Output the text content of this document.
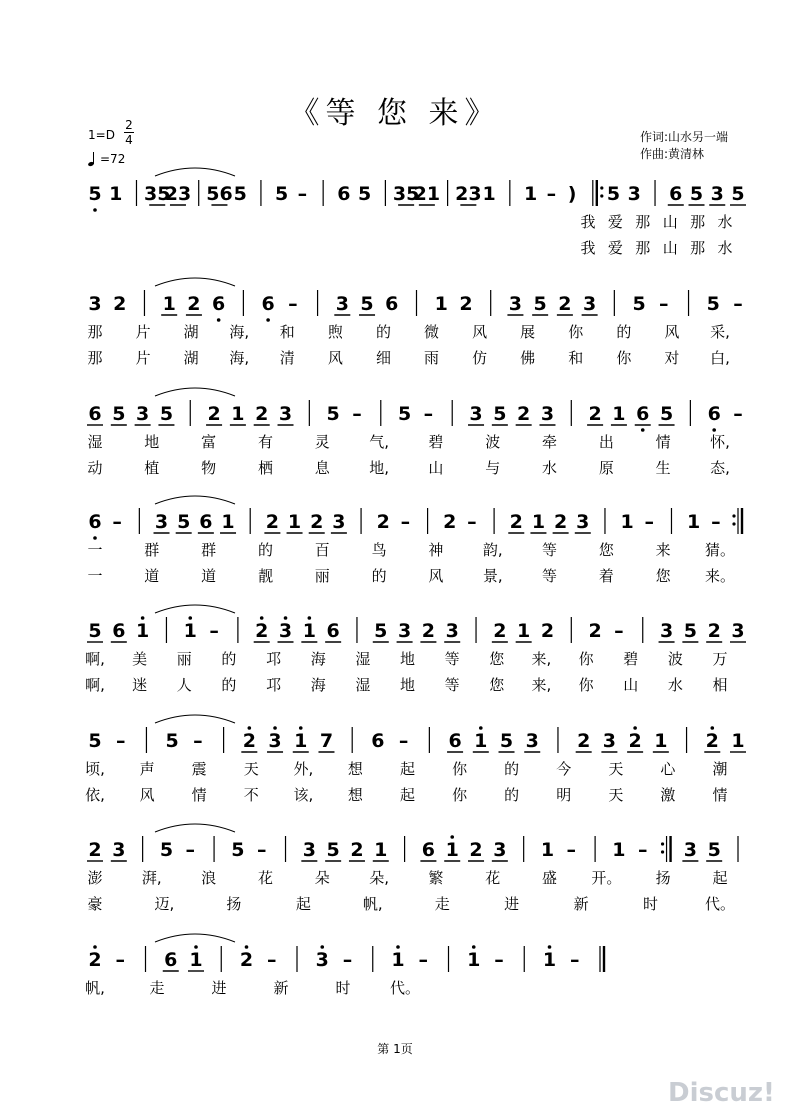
《等 您 来》
1=D
2
4
=72
作词:山水另一端
作曲:黄清林
5 1 35
23 56 5 5 – 6 5 35
21 23 1 1 – ) 5 3 6 5 3 5
我 爱 那 山 那 水
我 爱 那 山 那 水
3 2 1 2 6 6 – 3 5 6 1 2 3 5 2 3 5 – 5 –
那 片 湖 海, 和 煦 的 微 风 展 你 的 风 采,
那 片 湖 海, 清 风 细 雨 仿 佛 和 你 对 白,
6 5 3 5 2 1 2 3 5 – 5 – 3 5 2 3 2 1 6 5 6 –
湿	地	富	有	灵	气,	碧	波	牵	出	情	怀,
动	植	物	栖	息	地,	山	与	水	原	生	态,
6 – 3 5 6 1 2 1 2 3 2 – 2 – 2 1 2 3 1 – 1 –
一	群	群	的	百	鸟	神	韵,	等	您	来 猜。
一	道	道	靓	丽	的	风	景,	等	着	您 来。
5 6 1 1 – 2 3 1 6 5 3 2 3 2 1 2 2 – 3 5 2 3
啊, 美 丽 的 邛 海 湿 地 等 您 来, 你 碧 波 万
啊, 迷 人 的 邛 海 湿 地 等 您 来, 你 山 水 相
5 – 5 – 2 3 1 7 6 – 6 1 5 3 2 3 2 1 2 1
顷, 声 震 天 外, 想 起 你 的 今 天 心 潮
依, 风 情 不 该, 想 起 你 的 明 天 激 情
2 3 5 – 5 – 3 5 2 1 6 1 2 3 1 – 1 – 3 5
澎	湃,	浪	花	朵	朵,	繁	花	盛 开。 扬	起
豪	迈,	扬	起	帆,	走	进	新	时	代。
2 – 6 1 2 – 3 – 1 – 1 – 1 –
帆,	走	进	新	时	代。
第 1页
Discuz!
